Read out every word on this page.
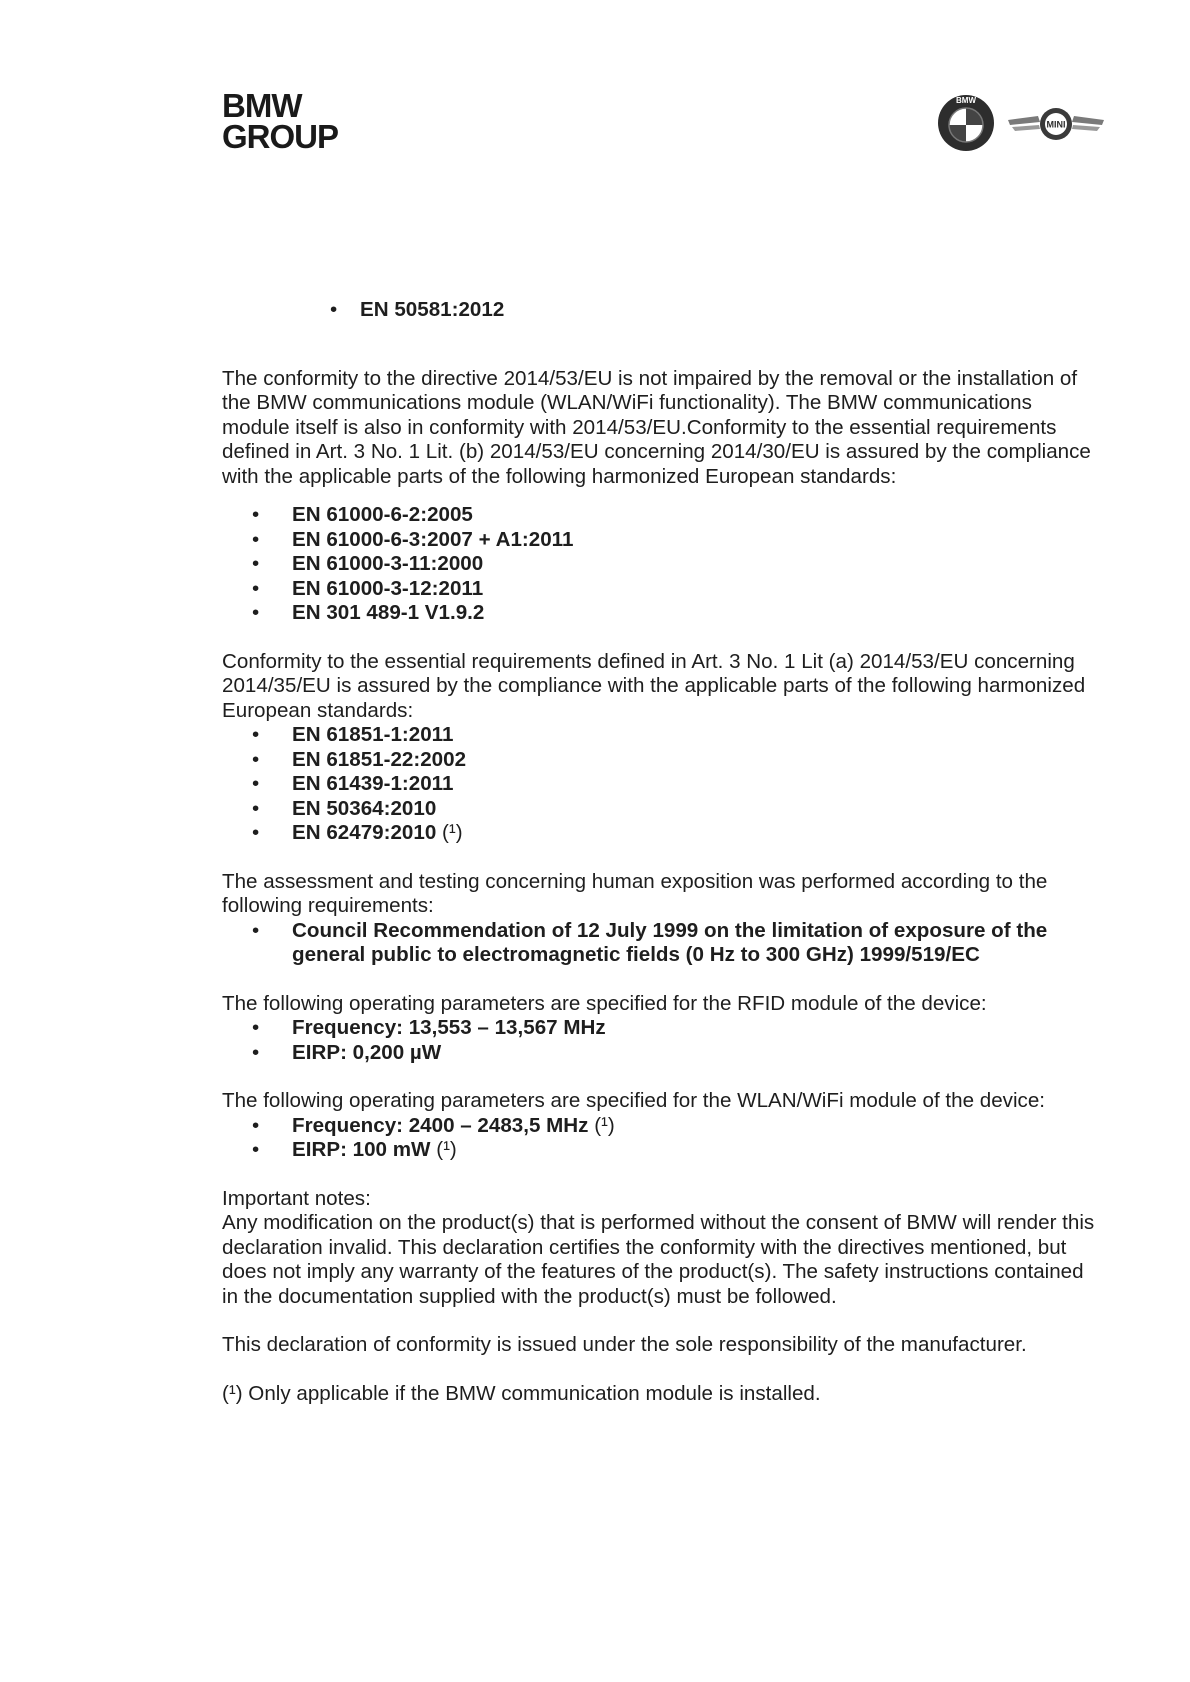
BMW
GROUP
BMW
MINI
• EN 50581:2012

The conformity to the directive 2014/53/EU is not impaired by the removal or the installation of the BMW communications module (WLAN/WiFi functionality). The BMW communications module itself is also in conformity with 2014/53/EU.Conformity to the essential requirements defined in Art. 3 No. 1 Lit. (b) 2014/53/EU concerning 2014/30/EU is assured by the compliance with the applicable parts of the following harmonized European standards:

• EN 61000-6-2:2005
• EN 61000-6-3:2007 + A1:2011
• EN 61000-3-11:2000
• EN 61000-3-12:2011
• EN 301 489-1 V1.9.2

Conformity to the essential requirements defined in Art. 3 No. 1 Lit (a) 2014/53/EU concerning 2014/35/EU is assured by the compliance with the applicable parts of the following harmonized European standards:

• EN 61851-1:2011
• EN 61851-22:2002
• EN 61439-1:2011
• EN 50364:2010
• EN 62479:2010 (¹)

The assessment and testing concerning human exposition was performed according to the following requirements:

• Council Recommendation of 12 July 1999 on the limitation of exposure of the general public to electromagnetic fields (0 Hz to 300 GHz) 1999/519/EC

The following operating parameters are specified for the RFID module of the device:

• Frequency: 13,553 – 13,567 MHz
• EIRP: 0,200 µW

The following operating parameters are specified for the WLAN/WiFi module of the device:

• Frequency: 2400 – 2483,5 MHz (¹)
• EIRP: 100 mW (¹)

Important notes:

Any modification on the product(s) that is performed without the consent of BMW will render this declaration invalid. This declaration certifies the conformity with the directives mentioned, but does not imply any warranty of the features of the product(s). The safety instructions contained in the documentation supplied with the product(s) must be followed.

This declaration of conformity is issued under the sole responsibility of the manufacturer.

(¹) Only applicable if the BMW communication module is installed.
